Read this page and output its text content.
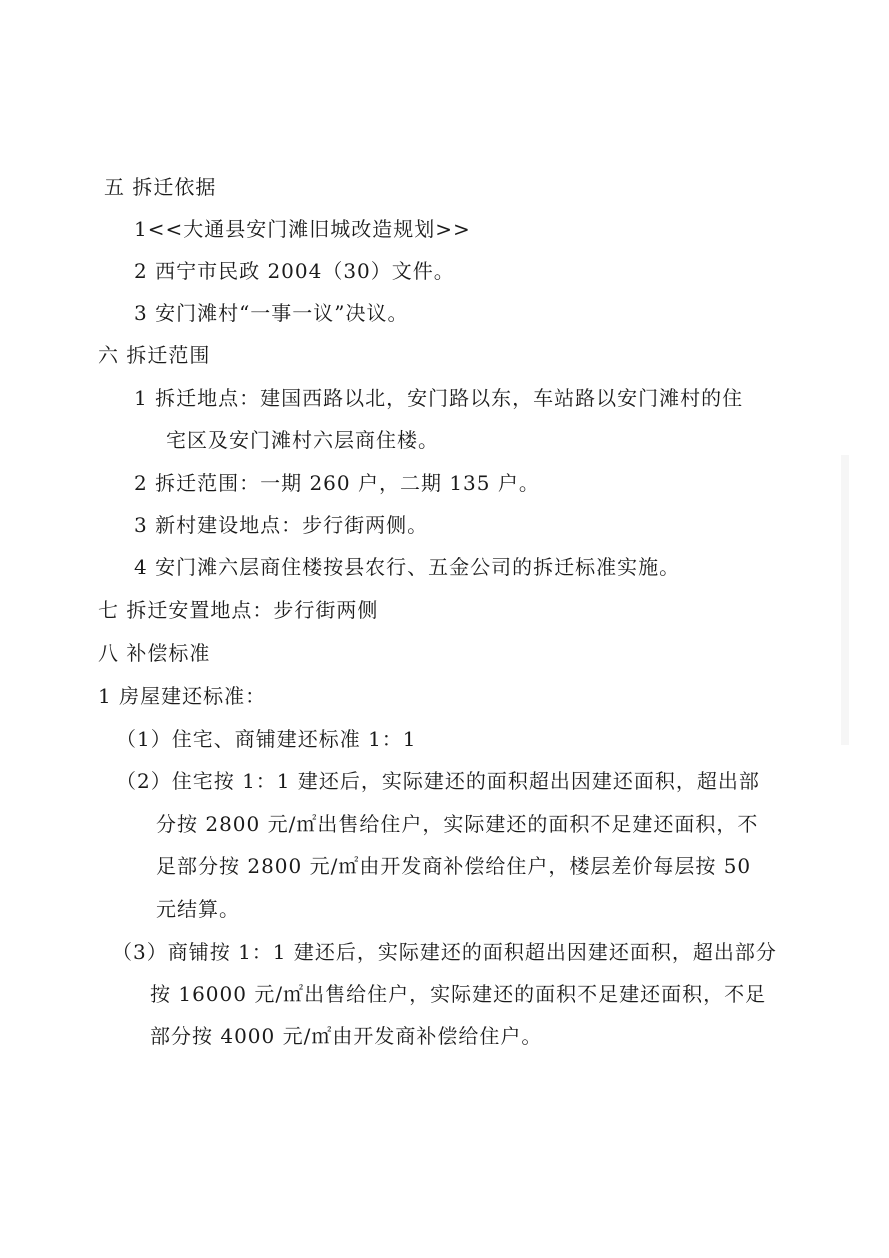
五 拆迁依据
1<<大通县安门滩旧城改造规划>>
2 西宁市民政 2004（30）文件。
3 安门滩村“一事一议”决议。
六 拆迁范围
1 拆迁地点：建国西路以北，安门路以东，车站路以安门滩村的住
宅区及安门滩村六层商住楼。
2 拆迁范围：一期 260 户，二期 135 户。
3 新村建设地点：步行街两侧。
4 安门滩六层商住楼按县农行、五金公司的拆迁标准实施。
七 拆迁安置地点：步行街两侧
八 补偿标准
1 房屋建还标准：
（1）住宅、商铺建还标准 1：1
（2）住宅按 1：1 建还后，实际建还的面积超出因建还面积，超出部
分按 2800 元/㎡出售给住户，实际建还的面积不足建还面积，不
足部分按 2800 元/㎡由开发商补偿给住户，楼层差价每层按 50
元结算。
（3）商铺按 1：1 建还后，实际建还的面积超出因建还面积，超出部分
按 16000 元/㎡出售给住户，实际建还的面积不足建还面积，不足
部分按 4000 元/㎡由开发商补偿给住户。
